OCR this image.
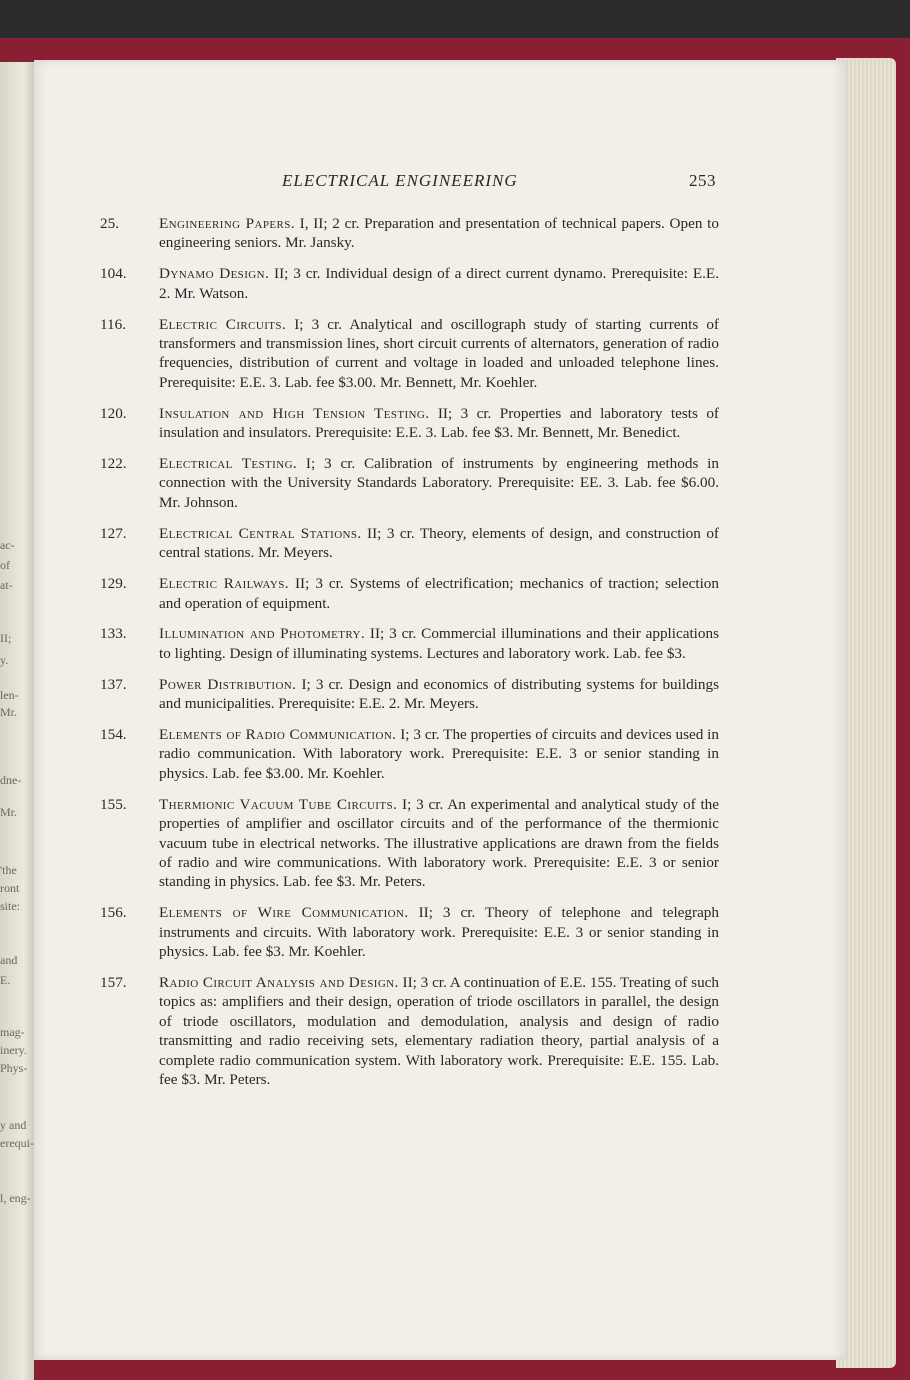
ac-
of
at-
II;
y.
len-
Mr.
dne-
Mr.
'the
ront
site:
and
E.
mag-
inery.
Phys-
y and
erequi-
l, eng-
ELECTRICAL ENGINEERING	253
25.	Engineering Papers. I, II; 2 cr. Preparation and presentation of technical papers. Open to engineering seniors. Mr. Jansky.
104.	Dynamo Design. II; 3 cr. Individual design of a direct current dynamo. Prerequisite: E.E. 2. Mr. Watson.
116.	Electric Circuits. I; 3 cr. Analytical and oscillograph study of starting currents of transformers and transmission lines, short circuit currents of alternators, generation of radio frequencies, distribution of current and voltage in loaded and unloaded telephone lines. Prerequisite: E.E. 3. Lab. fee $3.00. Mr. Bennett, Mr. Koehler.
120.	Insulation and High Tension Testing. II; 3 cr. Properties and laboratory tests of insulation and insulators. Prerequisite: E.E. 3. Lab. fee $3. Mr. Bennett, Mr. Benedict.
122.	Electrical Testing. I; 3 cr. Calibration of instruments by engineering methods in connection with the University Standards Laboratory. Prerequisite: EE. 3. Lab. fee $6.00. Mr. Johnson.
127.	Electrical Central Stations. II; 3 cr. Theory, elements of design, and construction of central stations. Mr. Meyers.
129.	Electric Railways. II; 3 cr. Systems of electrification; mechanics of traction; selection and operation of equipment.
133.	Illumination and Photometry. II; 3 cr. Commercial illuminations and their applications to lighting. Design of illuminating systems. Lectures and laboratory work. Lab. fee $3.
137.	Power Distribution. I; 3 cr. Design and economics of distributing systems for buildings and municipalities. Prerequisite: E.E. 2. Mr. Meyers.
154.	Elements of Radio Communication. I; 3 cr. The properties of circuits and devices used in radio communication. With laboratory work. Prerequisite: E.E. 3 or senior standing in physics. Lab. fee $3.00. Mr. Koehler.
155.	Thermionic Vacuum Tube Circuits. I; 3 cr. An experimental and analytical study of the properties of amplifier and oscillator circuits and of the performance of the thermionic vacuum tube in electrical networks. The illustrative applications are drawn from the fields of radio and wire communications. With laboratory work. Prerequisite: E.E. 3 or senior standing in physics. Lab. fee $3. Mr. Peters.
156.	Elements of Wire Communication. II; 3 cr. Theory of telephone and telegraph instruments and circuits. With laboratory work. Prerequisite: E.E. 3 or senior standing in physics. Lab. fee $3. Mr. Koehler.
157.	Radio Circuit Analysis and Design. II; 3 cr. A continuation of E.E. 155. Treating of such topics as: amplifiers and their design, operation of triode oscillators in parallel, the design of triode oscillators, modulation and demodulation, analysis and design of radio transmitting and radio receiving sets, elementary radiation theory, partial analysis of a complete radio communication system. With laboratory work. Prerequisite: E.E. 155. Lab. fee $3. Mr. Peters.
